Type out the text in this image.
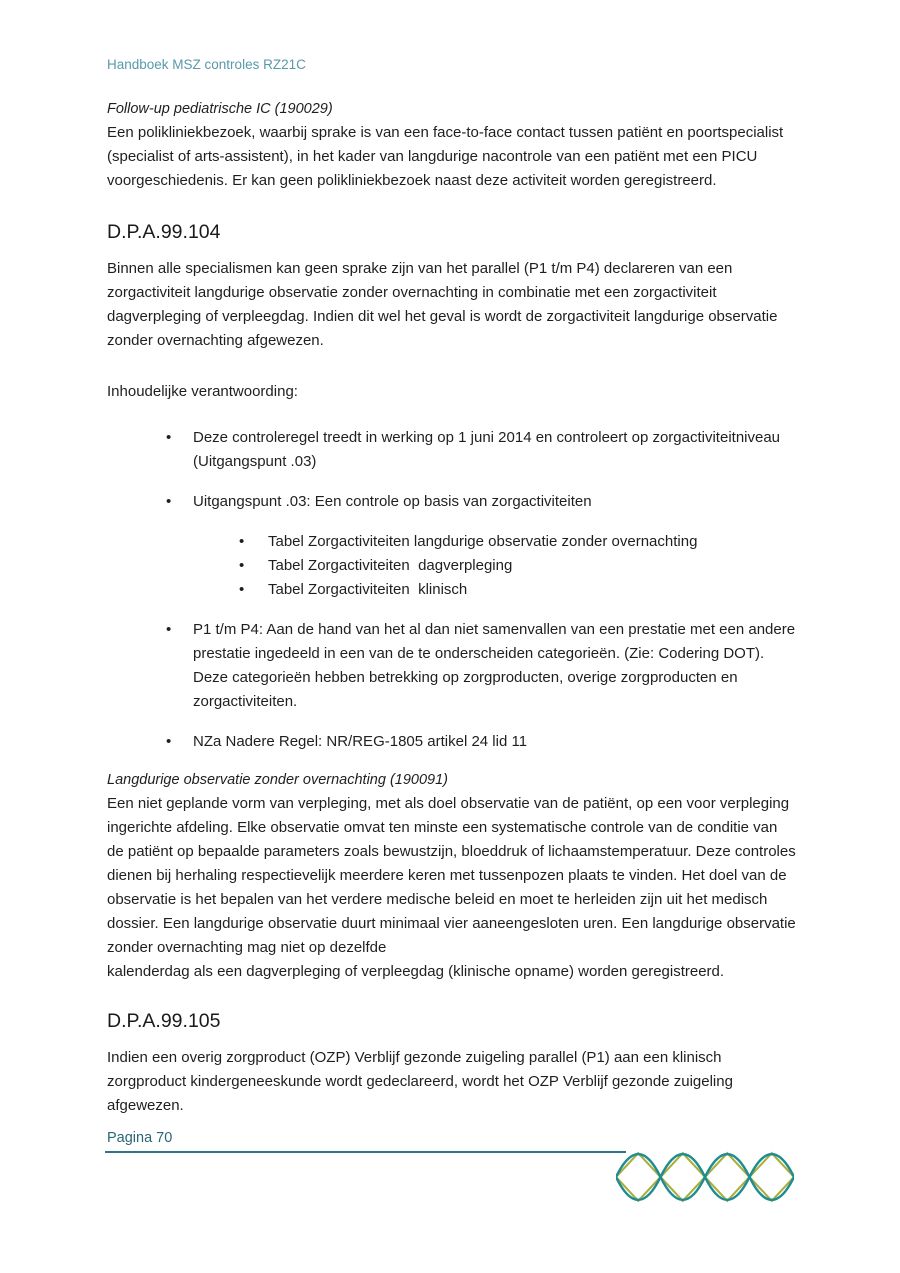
Handboek MSZ controles RZ21C

Follow-up pediatrische IC (190029)

Een polikliniekbezoek, waarbij sprake is van een face-to-face contact tussen patiënt en poortspecialist (specialist of arts-assistent), in het kader van langdurige nacontrole van een patiënt met een PICU voorgeschiedenis. Er kan geen polikliniekbezoek naast deze activiteit worden geregistreerd.

D.P.A.99.104

Binnen alle specialismen kan geen sprake zijn van het parallel (P1 t/m P4) declareren van een zorgactiviteit langdurige observatie zonder overnachting in combinatie met een zorgactiviteit dagverpleging of verpleegdag. Indien dit wel het geval is wordt de zorgactiviteit langdurige observatie zonder overnachting afgewezen.

Inhoudelijke verantwoording:

• Deze controleregel treedt in werking op 1 juni 2014 en controleert op zorgactiviteitniveau (Uitgangspunt .03)
• Uitgangspunt .03: Een controle op basis van zorgactiviteiten
• Tabel Zorgactiviteiten langdurige observatie zonder overnachting
• Tabel Zorgactiviteiten  dagverpleging
• Tabel Zorgactiviteiten  klinisch
• P1 t/m P4: Aan de hand van het al dan niet samenvallen van een prestatie met een andere prestatie ingedeeld in een van de te onderscheiden categorieën. (Zie: Codering DOT). Deze categorieën hebben betrekking op zorgproducten, overige zorgproducten en zorgactiviteiten.
• NZa Nadere Regel: NR/REG-1805 artikel 24 lid 11

Langdurige observatie zonder overnachting (190091)

Een niet geplande vorm van verpleging, met als doel observatie van de patiënt, op een voor verpleging ingerichte afdeling. Elke observatie omvat ten minste een systematische controle van de conditie van de patiënt op bepaalde parameters zoals bewustzijn, bloeddruk of lichaamstemperatuur. Deze controles dienen bij herhaling respectievelijk meerdere keren met tussenpozen plaats te vinden. Het doel van de observatie is het bepalen van het verdere medische beleid en moet te herleiden zijn uit het medisch dossier. Een langdurige observatie duurt minimaal vier aaneengesloten uren. Een langdurige observatie zonder overnachting mag niet op dezelfde

kalenderdag als een dagverpleging of verpleegdag (klinische opname) worden geregistreerd.

D.P.A.99.105

Indien een overig zorgproduct (OZP) Verblijf gezonde zuigeling parallel (P1) aan een klinisch zorgproduct kindergeneeskunde wordt gedeclareerd, wordt het OZP Verblijf gezonde zuigeling afgewezen.

Pagina 70
